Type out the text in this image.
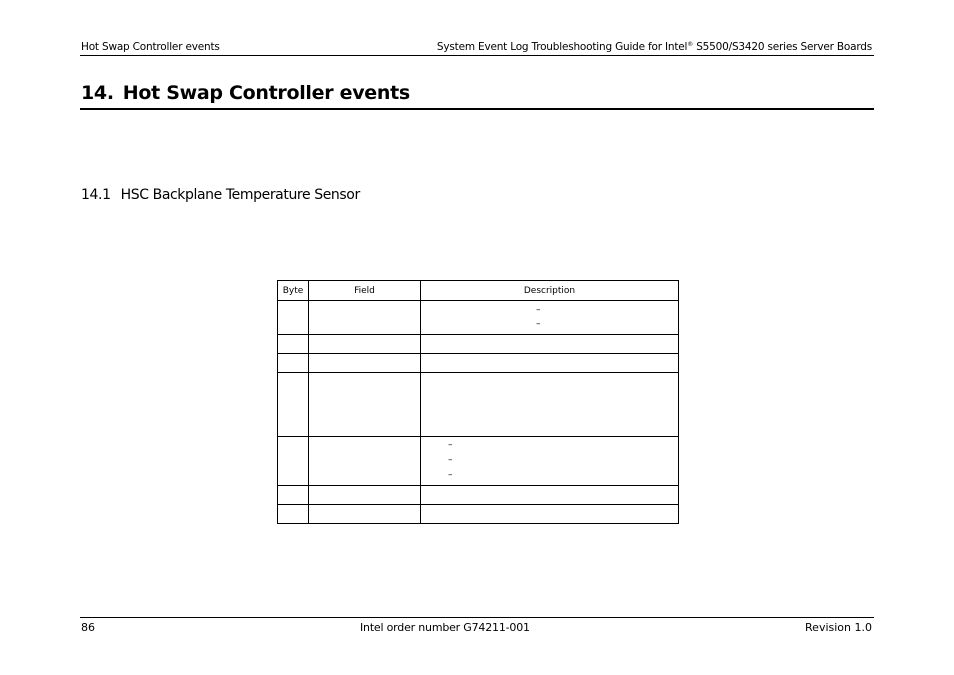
Hot Swap Controller events	System Event Log Troubleshooting Guide for Intel® S5500/S3420 series Server Boards
14. Hot Swap Controller events
14.1 HSC Backplane Temperature Sensor
Byte	Field	Description

		–
–

		–
–
–

86	Intel order number G74211-001	Revision 1.0
